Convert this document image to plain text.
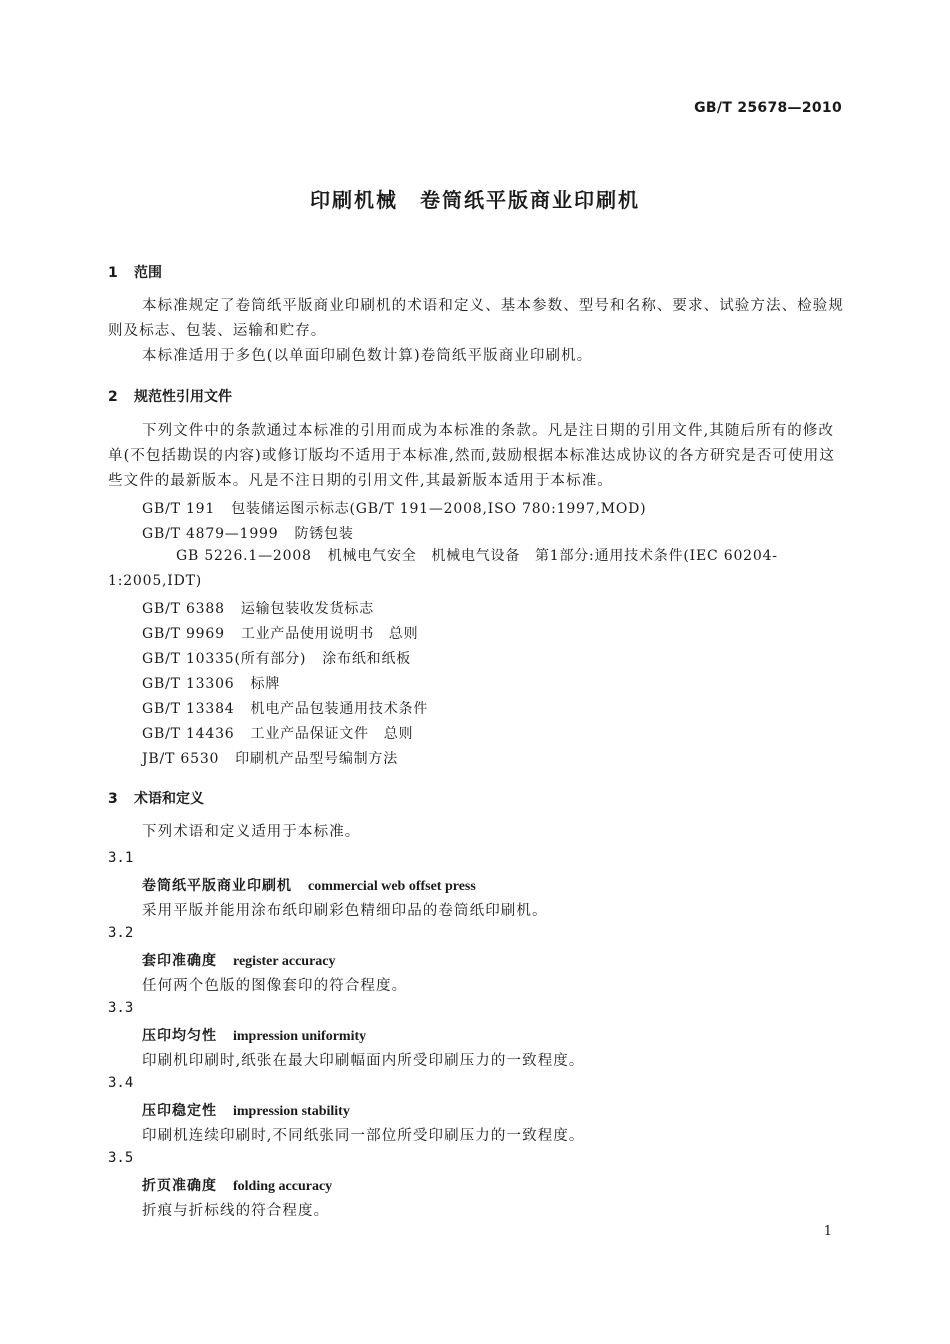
GB/T 25678—2010
印刷机械　卷筒纸平版商业印刷机
1 范围
本标准规定了卷筒纸平版商业印刷机的术语和定义、基本参数、型号和名称、要求、试验方法、检验规则及标志、包装、运输和贮存。
本标准适用于多色(以单面印刷色数计算)卷筒纸平版商业印刷机。
2 规范性引用文件
下列文件中的条款通过本标准的引用而成为本标准的条款。凡是注日期的引用文件,其随后所有的修改单(不包括勘误的内容)或修订版均不适用于本标准,然而,鼓励根据本标准达成协议的各方研究是否可使用这些文件的最新版本。凡是不注日期的引用文件,其最新版本适用于本标准。
GB/T 191 包装储运图示标志(GB/T 191—2008,ISO 780:1997,MOD)
GB/T 4879—1999 防锈包装
GB 5226.1—2008 机械电气安全　机械电气设备　第1部分:通用技术条件(IEC 60204-1:2005,IDT)
GB/T 6388 运输包装收发货标志
GB/T 9969 工业产品使用说明书　总则
GB/T 10335(所有部分) 涂布纸和纸板
GB/T 13306 标牌
GB/T 13384 机电产品包装通用技术条件
GB/T 14436 工业产品保证文件　总则
JB/T 6530 印刷机产品型号编制方法
3 术语和定义
下列术语和定义适用于本标准。
3.1
卷筒纸平版商业印刷机 commercial web offset press
采用平版并能用涂布纸印刷彩色精细印品的卷筒纸印刷机。
3.2
套印准确度 register accuracy
任何两个色版的图像套印的符合程度。
3.3
压印均匀性 impression uniformity
印刷机印刷时,纸张在最大印刷幅面内所受印刷压力的一致程度。
3.4
压印稳定性 impression stability
印刷机连续印刷时,不同纸张同一部位所受印刷压力的一致程度。
3.5
折页准确度 folding accuracy
折痕与折标线的符合程度。
1
